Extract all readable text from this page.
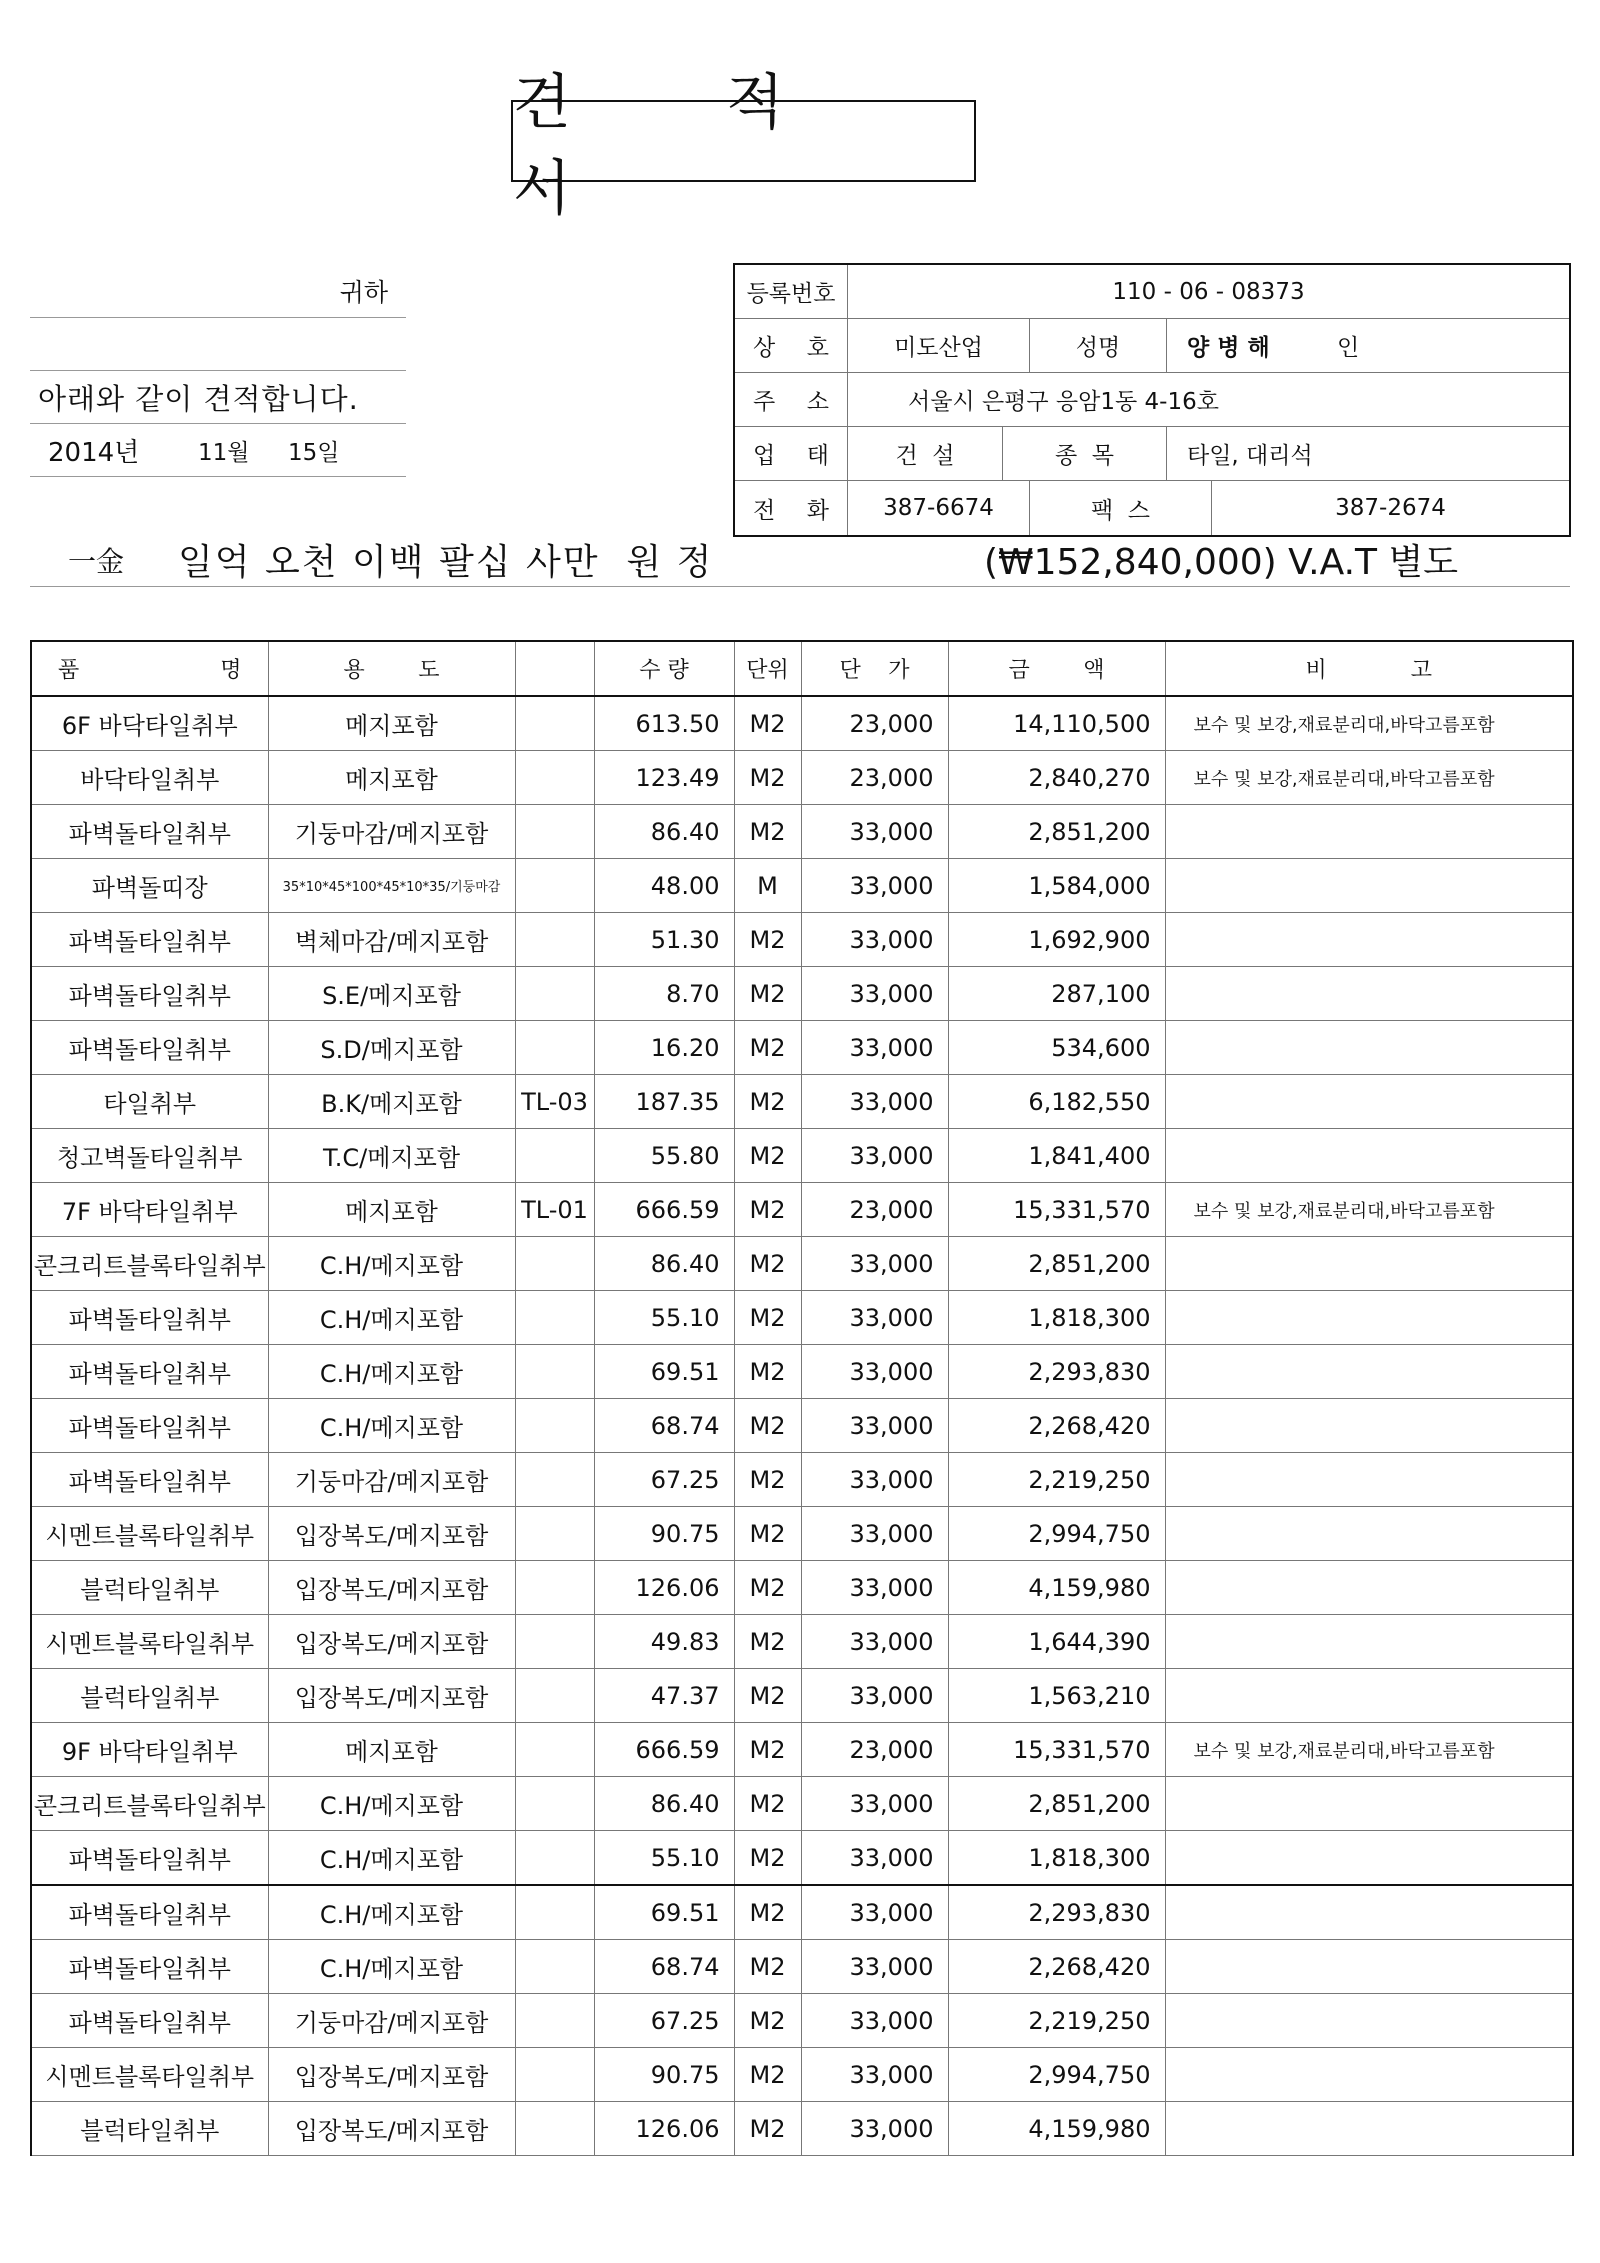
견 적 서
귀하
아래와 같이 견적합니다.
2014년	11월	15일
등록번호	110 - 06 - 08373
상 호	미도산업	성명	양 병 해	인
주 소	서울시 은평구 응암1동 4-16호
업 태	건  설	종  목	타일, 대리석
전 화	387-6674	팩  스	387-2674
一金	일억 오천 이백 팔십 사만  원 정	(₩152,840,000) V.A.T 별도
품 명	용 도		수 량	단위	단 가	금 액	비 고

6F 바닥타일취부	메지포함		613.50	M2	23,000	14,110,500	보수 및 보강,재료분리대,바닥고름포함
바닥타일취부	메지포함		123.49	M2	23,000	2,840,270	보수 및 보강,재료분리대,바닥고름포함
파벽돌타일취부	기둥마감/메지포함		86.40	M2	33,000	2,851,200	
파벽돌띠장	35*10*45*100*45*10*35/기둥마감		48.00	M	33,000	1,584,000	
파벽돌타일취부	벽체마감/메지포함		51.30	M2	33,000	1,692,900	
파벽돌타일취부	S.E/메지포함		8.70	M2	33,000	287,100	
파벽돌타일취부	S.D/메지포함		16.20	M2	33,000	534,600	
타일취부	B.K/메지포함	TL-03	187.35	M2	33,000	6,182,550	
청고벽돌타일취부	T.C/메지포함		55.80	M2	33,000	1,841,400	
7F 바닥타일취부	메지포함	TL-01	666.59	M2	23,000	15,331,570	보수 및 보강,재료분리대,바닥고름포함
콘크리트블록타일취부	C.H/메지포함		86.40	M2	33,000	2,851,200	
파벽돌타일취부	C.H/메지포함		55.10	M2	33,000	1,818,300	
파벽돌타일취부	C.H/메지포함		69.51	M2	33,000	2,293,830	
파벽돌타일취부	C.H/메지포함		68.74	M2	33,000	2,268,420	
파벽돌타일취부	기둥마감/메지포함		67.25	M2	33,000	2,219,250	
시멘트블록타일취부	입장복도/메지포함		90.75	M2	33,000	2,994,750	
블럭타일취부	입장복도/메지포함		126.06	M2	33,000	4,159,980	
시멘트블록타일취부	입장복도/메지포함		49.83	M2	33,000	1,644,390	
블럭타일취부	입장복도/메지포함		47.37	M2	33,000	1,563,210	
9F 바닥타일취부	메지포함		666.59	M2	23,000	15,331,570	보수 및 보강,재료분리대,바닥고름포함
콘크리트블록타일취부	C.H/메지포함		86.40	M2	33,000	2,851,200	
파벽돌타일취부	C.H/메지포함		55.10	M2	33,000	1,818,300	
파벽돌타일취부	C.H/메지포함		69.51	M2	33,000	2,293,830	
파벽돌타일취부	C.H/메지포함		68.74	M2	33,000	2,268,420	
파벽돌타일취부	기둥마감/메지포함		67.25	M2	33,000	2,219,250	
시멘트블록타일취부	입장복도/메지포함		90.75	M2	33,000	2,994,750	
블럭타일취부	입장복도/메지포함		126.06	M2	33,000	4,159,980	
